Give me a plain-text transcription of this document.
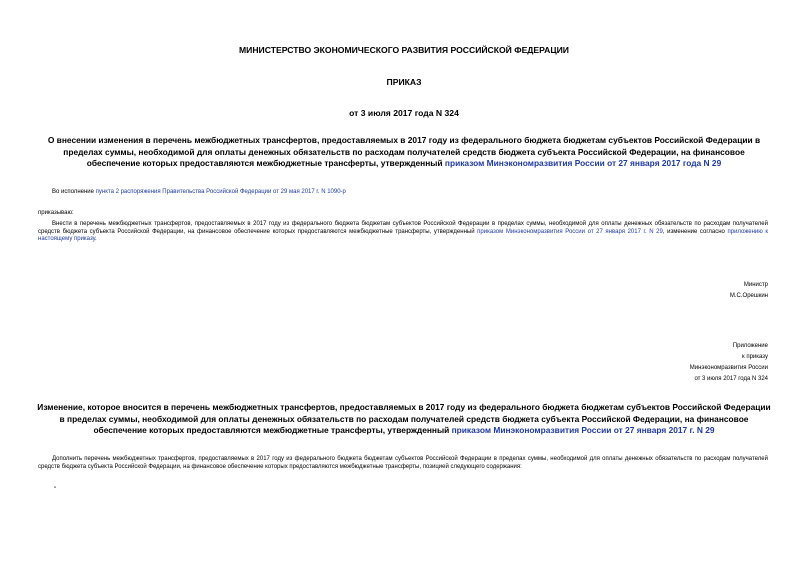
МИНИСТЕРСТВО ЭКОНОМИЧЕСКОГО РАЗВИТИЯ РОССИЙСКОЙ ФЕДЕРАЦИИ
ПРИКАЗ
от 3 июля 2017 года N 324
О внесении изменения в перечень межбюджетных трансфертов, предоставляемых в 2017 году из федерального бюджета бюджетам субъектов Российской Федерации в пределах суммы, необходимой для оплаты денежных обязательств по расходам получателей средств бюджета субъекта Российской Федерации, на финансовое обеспечение которых предоставляются межбюджетные трансферты, утвержденный приказом Минэкономразвития России от 27 января 2017 года N 29
Во исполнение пункта 2 распоряжения Правительства Российской Федерации от 29 мая 2017 г. N 1090-р
приказываю:
Внести в перечень межбюджетных трансфертов, предоставляемых в 2017 году из федерального бюджета бюджетам субъектов Российской Федерации в пределах суммы, необходимой для оплаты денежных обязательств по расходам получателей средств бюджета субъекта Российской Федерации, на финансовое обеспечение которых предоставляются межбюджетные трансферты, утвержденный приказом Минэкономразвития России от 27 января 2017 г. N 29, изменение согласно приложению к настоящему приказу.
Министр
М.С.Орешкин
Приложение
к приказу
Минэкономразвития России
от 3 июля 2017 года N 324
Изменение, которое вносится в перечень межбюджетных трансфертов, предоставляемых в 2017 году из федерального бюджета бюджетам субъектов Российской Федерации в пределах суммы, необходимой для оплаты денежных обязательств по расходам получателей средств бюджета субъекта Российской Федерации, на финансовое обеспечение которых предоставляются межбюджетные трансферты, утвержденный приказом Минэкономразвития России от 27 января 2017 г. N 29
Дополнить перечень межбюджетных трансфертов, предоставляемых в 2017 году из федерального бюджета бюджетам субъектов Российской Федерации в пределах суммы, необходимой для оплаты денежных обязательств по расходам получателей средств бюджета субъекта Российской Федерации, на финансовое обеспечение которых предоставляются межбюджетные трансферты, позицией следующего содержания:
"
